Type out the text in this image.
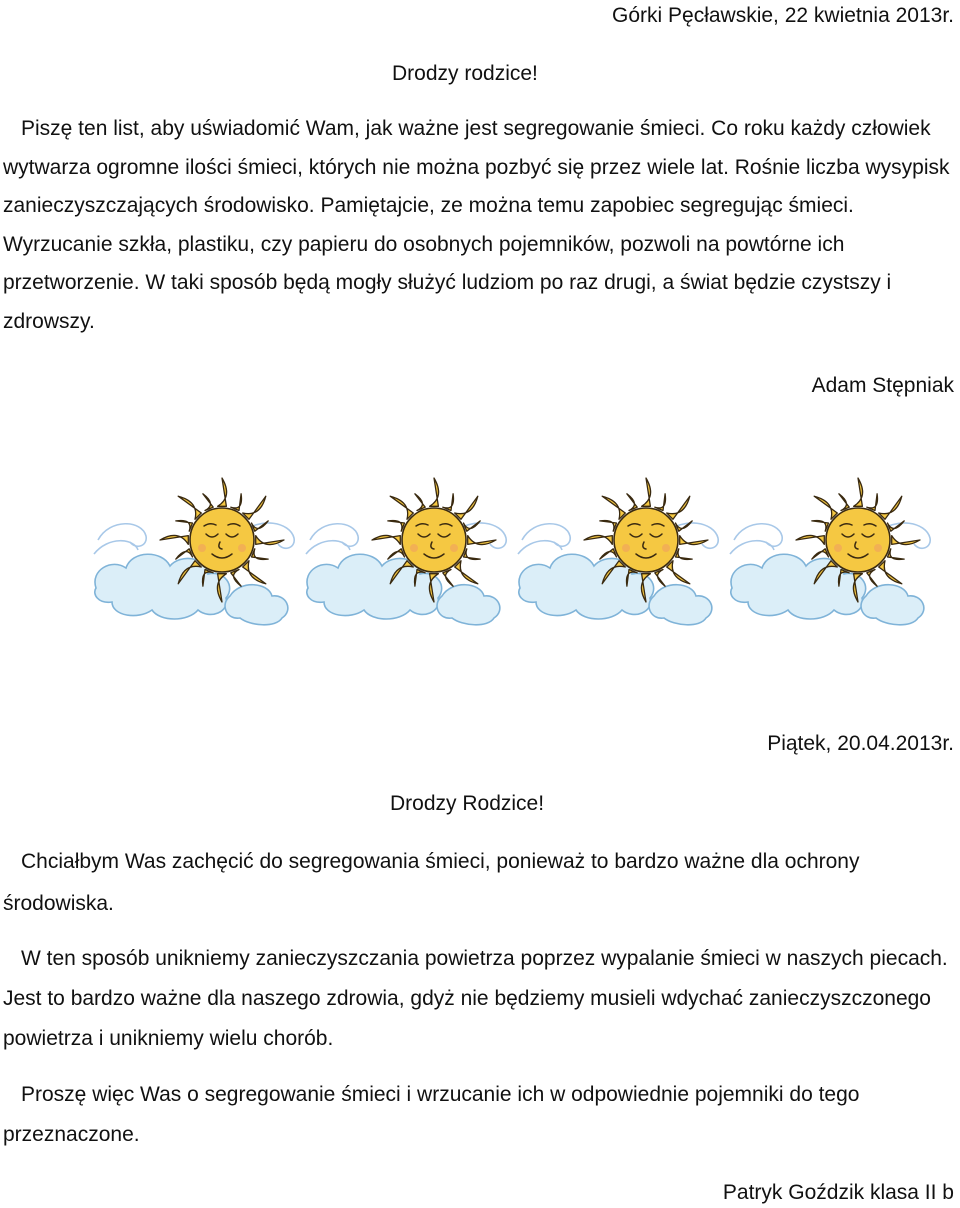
Górki Pęcławskie, 22 kwietnia 2013r.
Drodzy rodzice!

Piszę ten list, aby uświadomić Wam, jak ważne jest segregowanie śmieci. Co roku każdy człowiek wytwarza ogromne ilości śmieci, których nie można pozbyć się przez wiele lat. Rośnie liczba wysypisk zanieczyszczających środowisko. Pamiętajcie, ze można temu zapobiec segregując śmieci. Wyrzucanie szkła, plastiku, czy papieru do osobnych pojemników, pozwoli na powtórne ich przetworzenie. W taki sposób będą mogły służyć ludziom po raz drugi, a świat będzie czystszy i zdrowszy.

Adam Stępniak
Piątek, 20.04.2013r.
Drodzy Rodzice!

Chciałbym Was zachęcić do segregowania śmieci, ponieważ to bardzo ważne dla ochrony środowiska.

W ten sposób unikniemy zanieczyszczania powietrza poprzez wypalanie śmieci w naszych piecach. Jest to bardzo ważne dla naszego zdrowia, gdyż nie będziemy musieli wdychać zanieczyszczonego powietrza i unikniemy wielu chorób.

Proszę więc Was o segregowanie śmieci i wrzucanie ich w odpowiednie pojemniki do tego przeznaczone.

Patryk Goździk klasa II b
